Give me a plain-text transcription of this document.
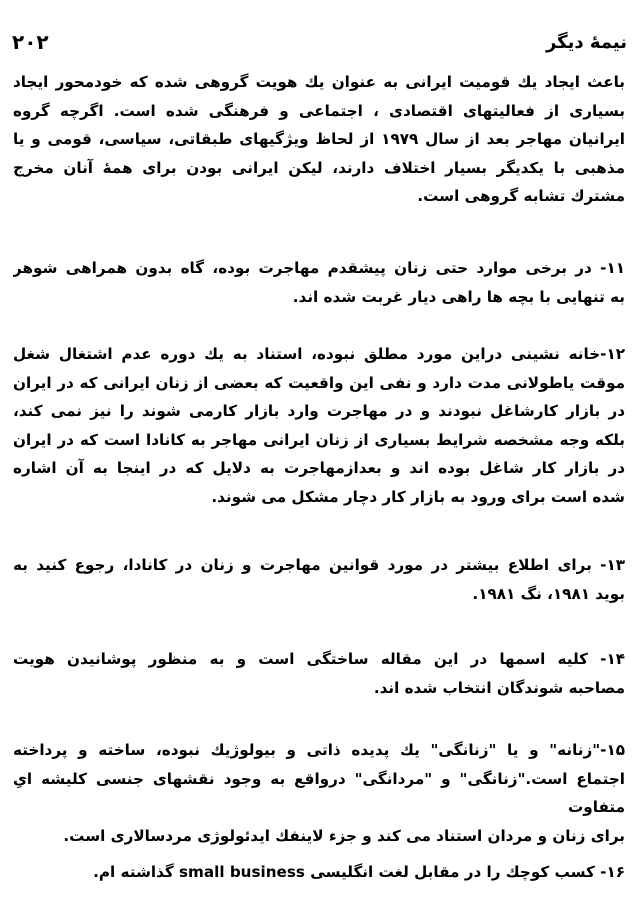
۲۰۲	نیمهٔ دیگر
باعث ایجاد یك قومیت ایرانی به عنوان یك هویت گروهی شده که خودمحور ایجاد
بسیاری از فعالیتهای اقتصادی ، اجتماعی و فرهنگی شده است. اگرچه گروه
ایرانیان مهاجر بعد از سال ۱۹۷۹ از لحاظ ویژگیهای طبقاتی، سیاسی، قومی و یا
مذهبی با یکدیگر بسیار اختلاف دارند، لیکن ایرانی بودن برای همهٔ آنان مخرج
مشترك تشابه گروهی است.
۱۱- در برخی موارد حتی زنان پیشقدم مهاجرت بوده، گاه بدون همراهی شوهر
به تنهایی با بچه ها راهی دیار غربت شده اند.
۱۲-خانه نشینی دراین مورد مطلق نبوده، استناد به یك دوره عدم اشتغال شغل
موقت یاطولانی مدت دارد و نفی این واقعیت که بعضی از زنان ایرانی که در ایران
در بازار کارشاغل نبودند و در مهاجرت وارد بازار کارمی شوند را نیز نمی کند،
بلکه وجه مشخصه شرایط بسیاری از زنان ایرانی مهاجر به کانادا است که در ایران
در بازار کار شاغل بوده اند و بعدازمهاجرت به دلایل که در اینجا به آن اشاره
شده است برای ورود به بازار کار دچار مشکل می شوند.
۱۳- برای اطلاع بیشتر در مورد قوانین مهاجرت و زنان در کانادا، رجوع کنید به
بوید ۱۹۸۱، نگ ۱۹۸۱.
۱۴- کلیه اسمها در این مقاله ساختگی است و به منظور پوشانیدن هویت
مصاحبه شوندگان انتخاب شده اند.
۱۵-"زنانه" و یا "زنانگی" یك پدیده ذاتی و بیولوژیك نبوده، ساخته و پرداخته
اجتماع است."زنانگی" و "مردانگی" درواقع به وجود نقشهای جنسی کلیشه ایِ متفاوت
برای زنان و مردان استناد می کند و جزء لاینفك ایدئولوژی مردسالاری است.
۱۶- کسب کوچك را در مقابل لغت انگلیسی small business گذاشته ام.
